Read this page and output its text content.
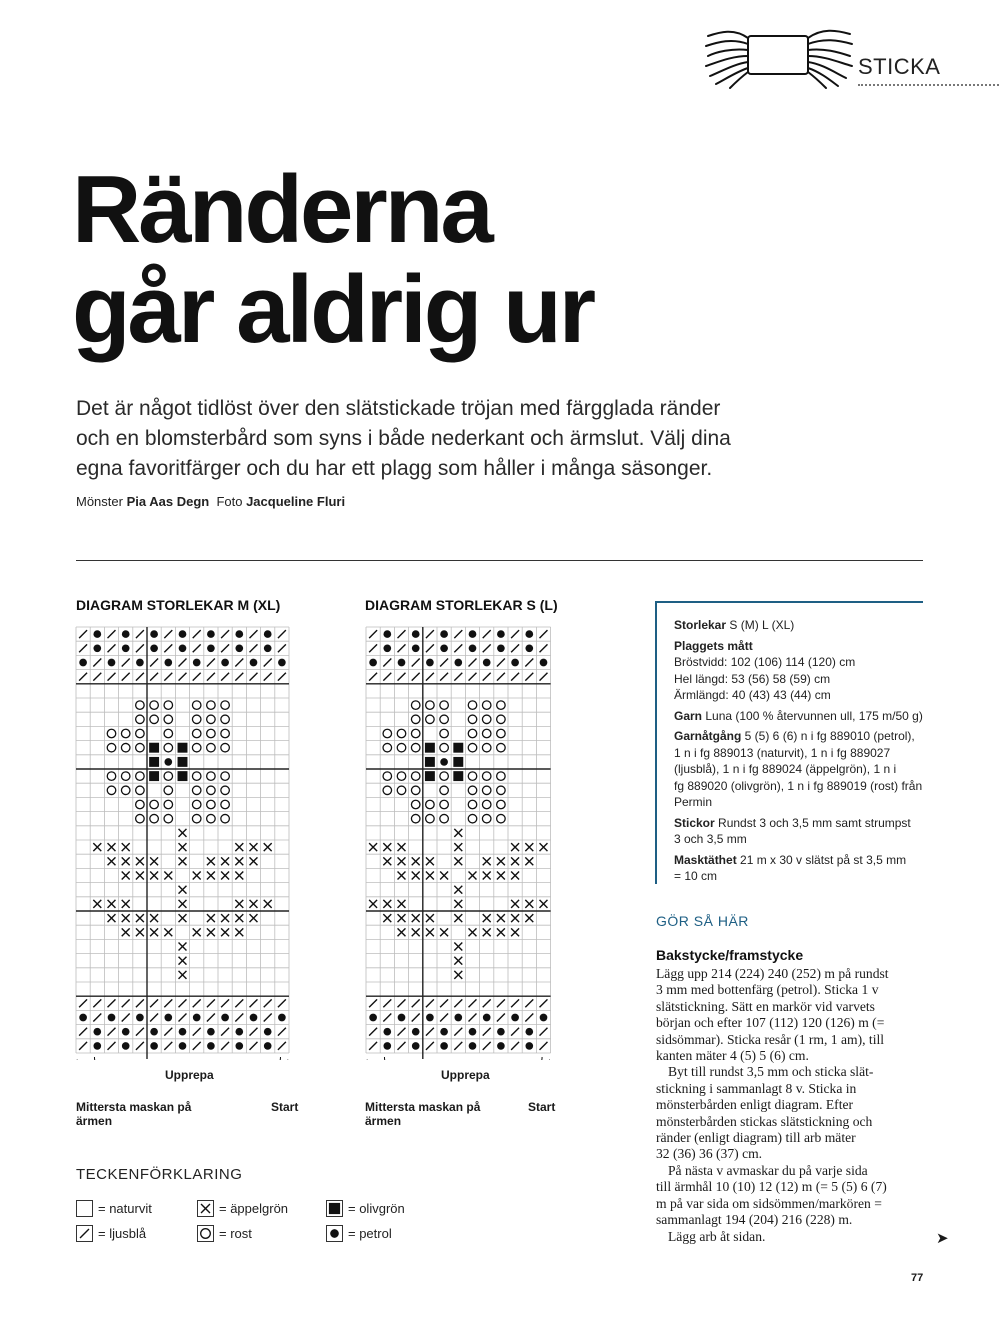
STICKA
Ränderna
går aldrig ur
Det är något tidlöst över den slätstickade tröjan med färgglada ränder
och en blomsterbård som syns i både nederkant och ärmslut. Välj dina
egna favoritfärger och du har ett plagg som håller i många säsonger.
Mönster Pia Aas Degn Foto Jacqueline Fluri
DIAGRAM STORLEKAR M (XL)	DIAGRAM STORLEKAR S (L)
Upprepa	Upprepa
Mittersta maskan på ärmen
Start	Mittersta maskan på ärmen
Start
TECKENFÖRKLARING
= naturvit	= äppelgrön	= olivgrön
= ljusblå	= rost	= petrol
Storlekar S (M) L (XL)
Plaggets mått
Bröstvidd: 102 (106) 114 (120) cm
Hel längd: 53 (56) 58 (59) cm
Ärmlängd: 40 (43) 43 (44) cm
Garn Luna (100 % återvunnen ull, 175 m/50 g)
Garnåtgång 5 (5) 6 (6) n i fg 889010 (petrol),
1 n i fg 889013 (naturvit), 1 n i fg 889027
(ljusblå), 1 n i fg 889024 (äppelgrön), 1 n i
fg 889020 (olivgrön), 1 n i fg 889019 (rost) från
Permin
Stickor Rundst 3 och 3,5 mm samt strumpst
3 och 3,5 mm
Masktäthet 21 m x 30 v slätst på st 3,5 mm
= 10 cm
GÖR SÅ HÄR
Bakstycke/framstycke
Lägg upp 214 (224) 240 (252) m på rundst
3 mm med bottenfärg (petrol). Sticka 1 v
slätstickning. Sätt en markör vid varvets
början och efter 107 (112) 120 (126) m (=
sidsömmar). Sticka resår (1 rm, 1 am), till
kanten mäter 4 (5) 5 (6) cm.
Byt till rundst 3,5 mm och sticka slät-
stickning i sammanlagt 8 v. Sticka in
mönsterbården enligt diagram. Efter
mönsterbården stickas slätstickning och
ränder (enligt diagram) till arb mäter
32 (36) 36 (37) cm.
På nästa v avmaskar du på varje sida
till ärmhål 10 (10) 12 (12) m (= 5 (5) 6 (7)
m på var sida om sidsömmen/markören =
sammanlagt 194 (204) 216 (228) m.
Lägg arb åt sidan.	➤
77
